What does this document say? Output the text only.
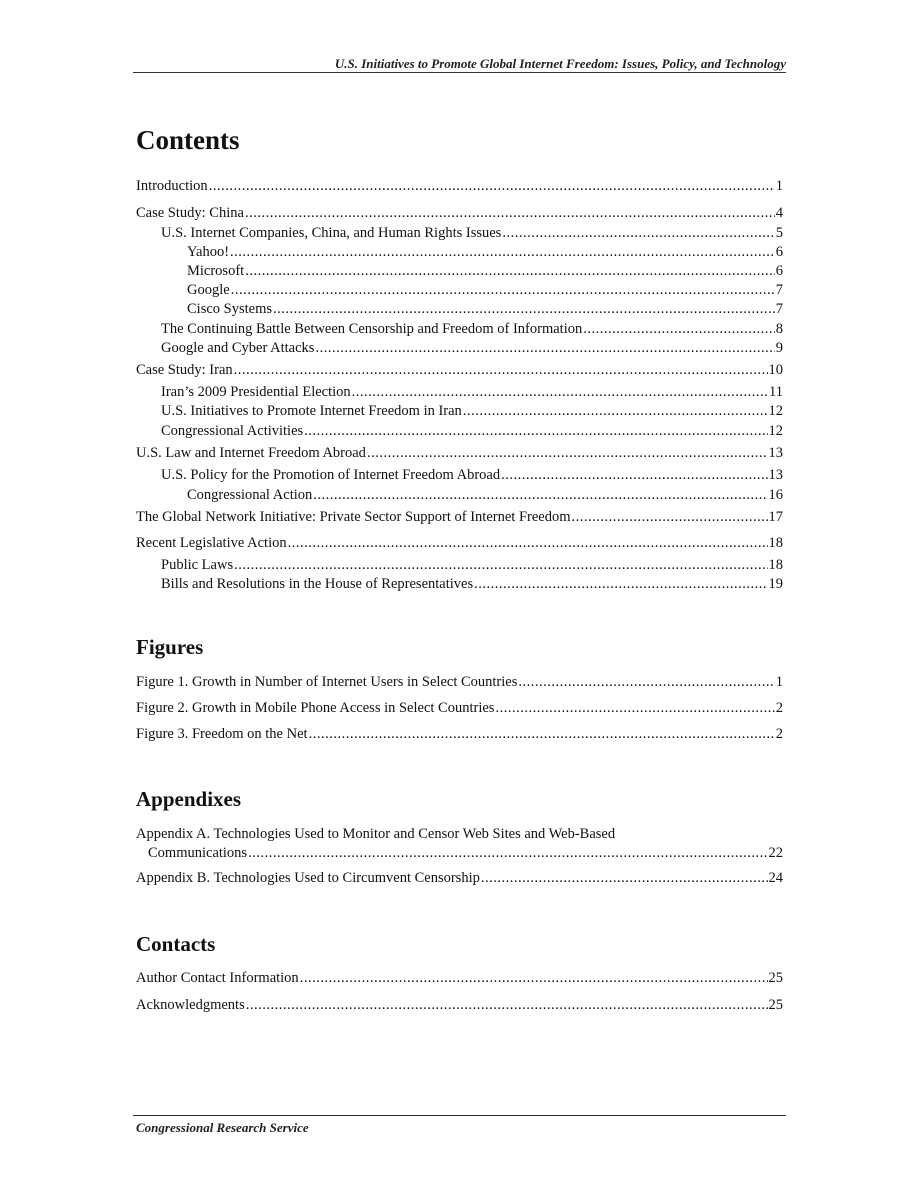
U.S. Initiatives to Promote Global Internet Freedom: Issues, Policy, and Technology
Contents
Introduction .....	1
Case Study: China .....	4
U.S. Internet Companies, China, and Human Rights Issues .....	5
Yahoo! .....	6
Microsoft .....	6
Google .....	7
Cisco Systems .....	7
The Continuing Battle Between Censorship and Freedom of Information .....	8
Google and Cyber Attacks .....	9
Case Study: Iran .....	10
Iran’s 2009 Presidential Election .....	11
U.S. Initiatives to Promote Internet Freedom in Iran .....	12
Congressional Activities .....	12
U.S. Law and Internet Freedom Abroad .....	13
U.S. Policy for the Promotion of Internet Freedom Abroad .....	13
Congressional Action .....	16
The Global Network Initiative: Private Sector Support of Internet Freedom .....	17
Recent Legislative Action .....	18
Public Laws .....	18
Bills and Resolutions in the House of Representatives .....	19
Figures
Figure 1. Growth in Number of Internet Users in Select Countries .....	1
Figure 2. Growth in Mobile Phone Access in Select Countries .....	2
Figure 3. Freedom on the Net .....	2
Appendixes
Appendix A. Technologies Used to Monitor and Censor Web Sites and Web-Based
Communications .....	22
Appendix B. Technologies Used to Circumvent Censorship .....	24
Contacts
Author Contact Information .....	25
Acknowledgments .....	25
Congressional Research Service
